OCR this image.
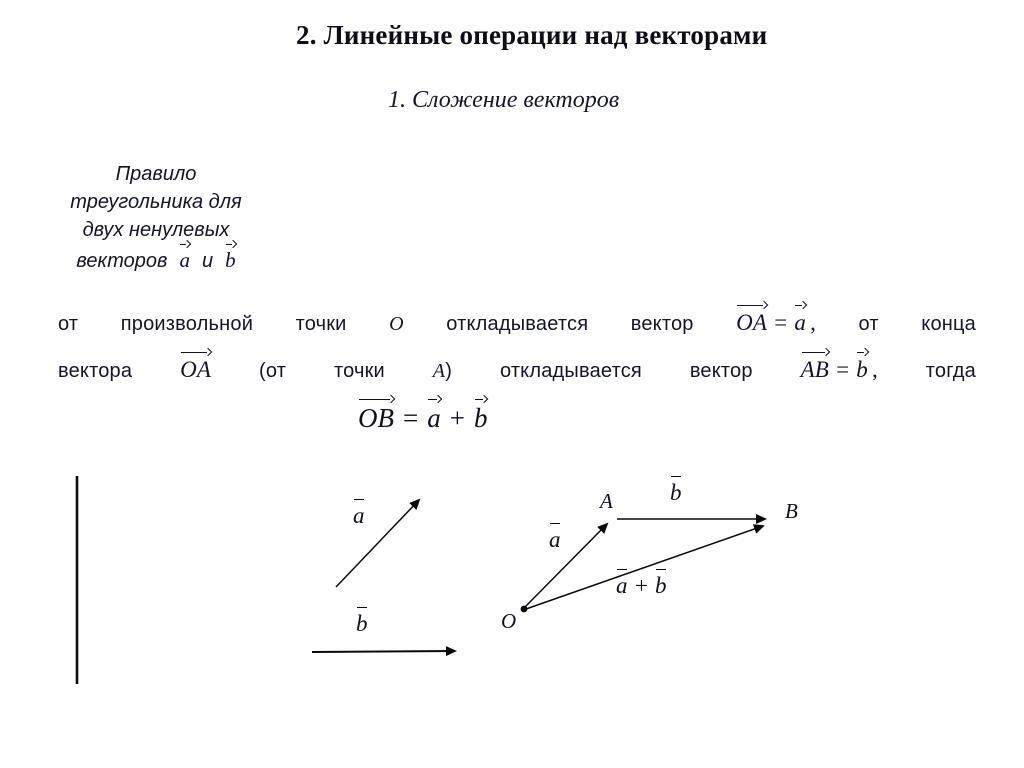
2. Линейные операции над векторами
1. Сложение векторов
Правило
треугольника для
двух ненулевых
векторов a и b
от произвольной точки O откладывается вектор OA = a , от конца
вектора OA (от точки A) откладывается вектор AB = b , тогда
OB = a + b
a
b
a
b
a + b
O
A	B
